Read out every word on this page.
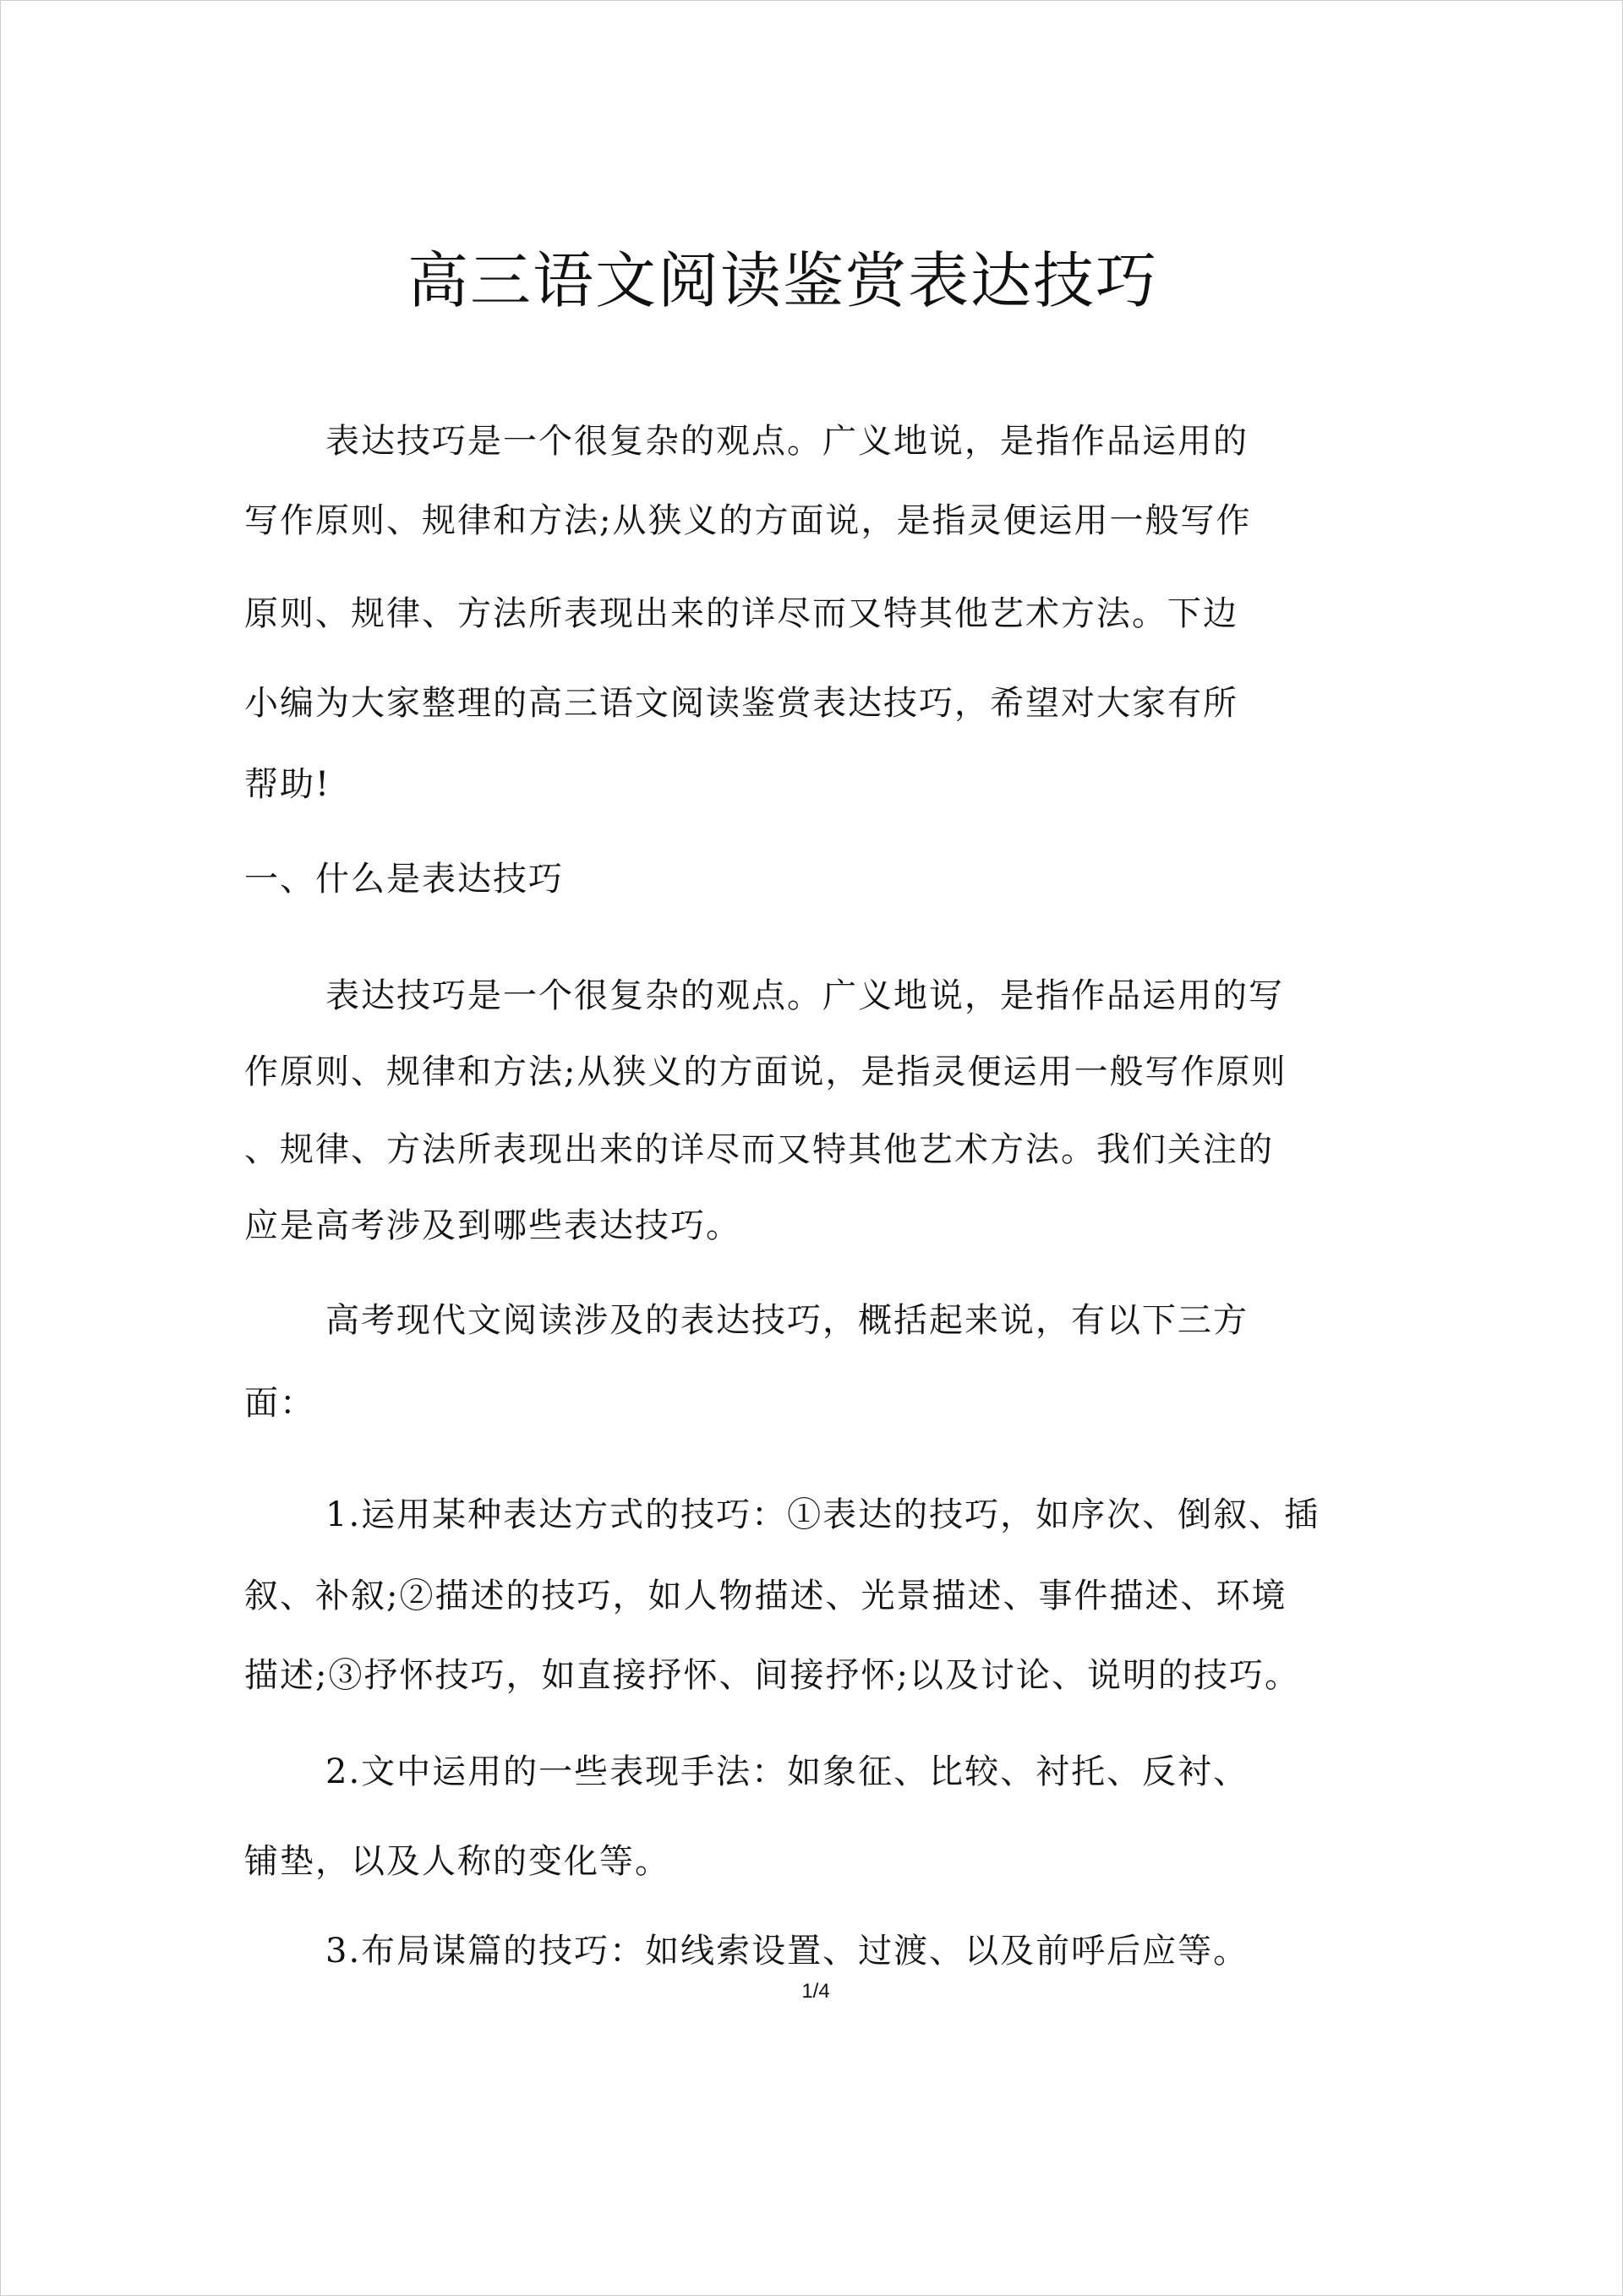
高三语文阅读鉴赏表达技巧
表达技巧是一个很复杂的观点。广义地说，是指作品运用的
写作原则、规律和方法;从狭义的方面说，是指灵便运用一般写作
原则、规律、方法所表现出来的详尽而又特其他艺术方法。下边
小编为大家整理的高三语文阅读鉴赏表达技巧，希望对大家有所
帮助!
一、什么是表达技巧
表达技巧是一个很复杂的观点。广义地说，是指作品运用的写
作原则、规律和方法;从狭义的方面说，是指灵便运用一般写作原则
、规律、方法所表现出来的详尽而又特其他艺术方法。我们关注的
应是高考涉及到哪些表达技巧。
高考现代文阅读涉及的表达技巧，概括起来说，有以下三方
面：
1.运用某种表达方式的技巧：①表达的技巧，如序次、倒叙、插
叙、补叙;②描述的技巧，如人物描述、光景描述、事件描述、环境
描述;③抒怀技巧，如直接抒怀、间接抒怀;以及讨论、说明的技巧。
2.文中运用的一些表现手法：如象征、比较、衬托、反衬、
铺垫，以及人称的变化等。
3.布局谋篇的技巧：如线索设置、过渡、以及前呼后应等。
1/4
